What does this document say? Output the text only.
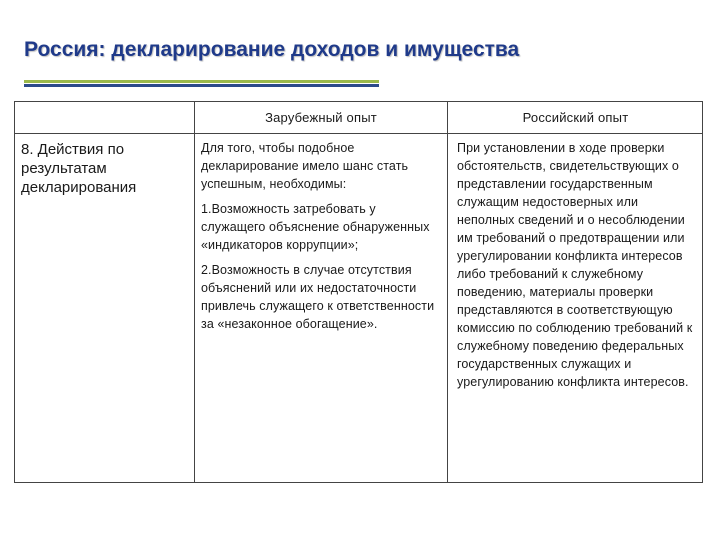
Россия: декларирование доходов и имущества
Зарубежный опыт	Российский опыт
8. Действия по результатам декларирования

Для того, чтобы подобное декларирование имело шанс стать успешным, необходимы:

1.Возможность затребовать у служащего объяснение обнаруженных «индикаторов коррупции»;

2.Возможность в случае отсутствия объяснений или их недостаточности привлечь служащего к ответственности за «незаконное обогащение».

При установлении в ходе проверки обстоятельств, свидетельствующих о представлении государственным служащим недостоверных или неполных сведений и о несоблюдении им требований о предотвращении или урегулировании конфликта интересов либо требований к служебному поведению, материалы проверки представляются в соответствующую комиссию по соблюдению требований к служебному поведению федеральных государственных служащих и урегулированию конфликта интересов.
